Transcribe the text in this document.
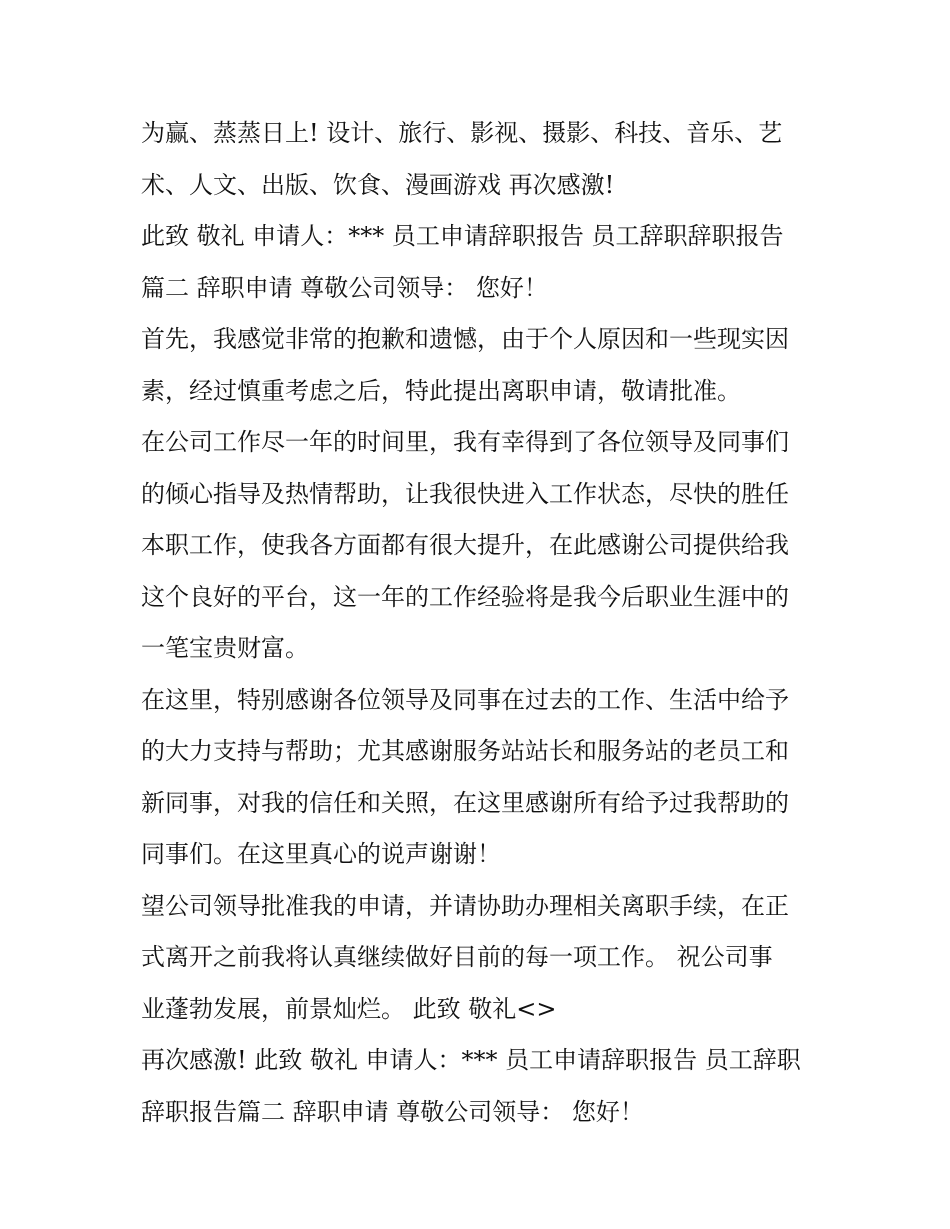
为赢、蒸蒸日上! 设计、旅行、影视、摄影、科技、音乐、艺
术、人文、出版、饮食、漫画游戏 再次感激!
此致 敬礼 申请人：*** 员工申请辞职报告 员工辞职辞职报告
篇二 辞职申请 尊敬公司领导： 您好！
首先，我感觉非常的抱歉和遗憾，由于个人原因和一些现实因
素，经过慎重考虑之后，特此提出离职申请，敬请批准。
在公司工作尽一年的时间里，我有幸得到了各位领导及同事们
的倾心指导及热情帮助，让我很快进入工作状态，尽快的胜任
本职工作，使我各方面都有很大提升，在此感谢公司提供给我
这个良好的平台，这一年的工作经验将是我今后职业生涯中的
一笔宝贵财富。
在这里，特别感谢各位领导及同事在过去的工作、生活中给予
的大力支持与帮助；尤其感谢服务站站长和服务站的老员工和
新同事，对我的信任和关照，在这里感谢所有给予过我帮助的
同事们。在这里真心的说声谢谢！
望公司领导批准我的申请，并请协助办理相关离职手续，在正
式离开之前我将认真继续做好目前的每一项工作。 祝公司事
业蓬勃发展，前景灿烂。 此致 敬礼<>
再次感激! 此致 敬礼 申请人：*** 员工申请辞职报告 员工辞职
辞职报告篇二 辞职申请 尊敬公司领导： 您好！
